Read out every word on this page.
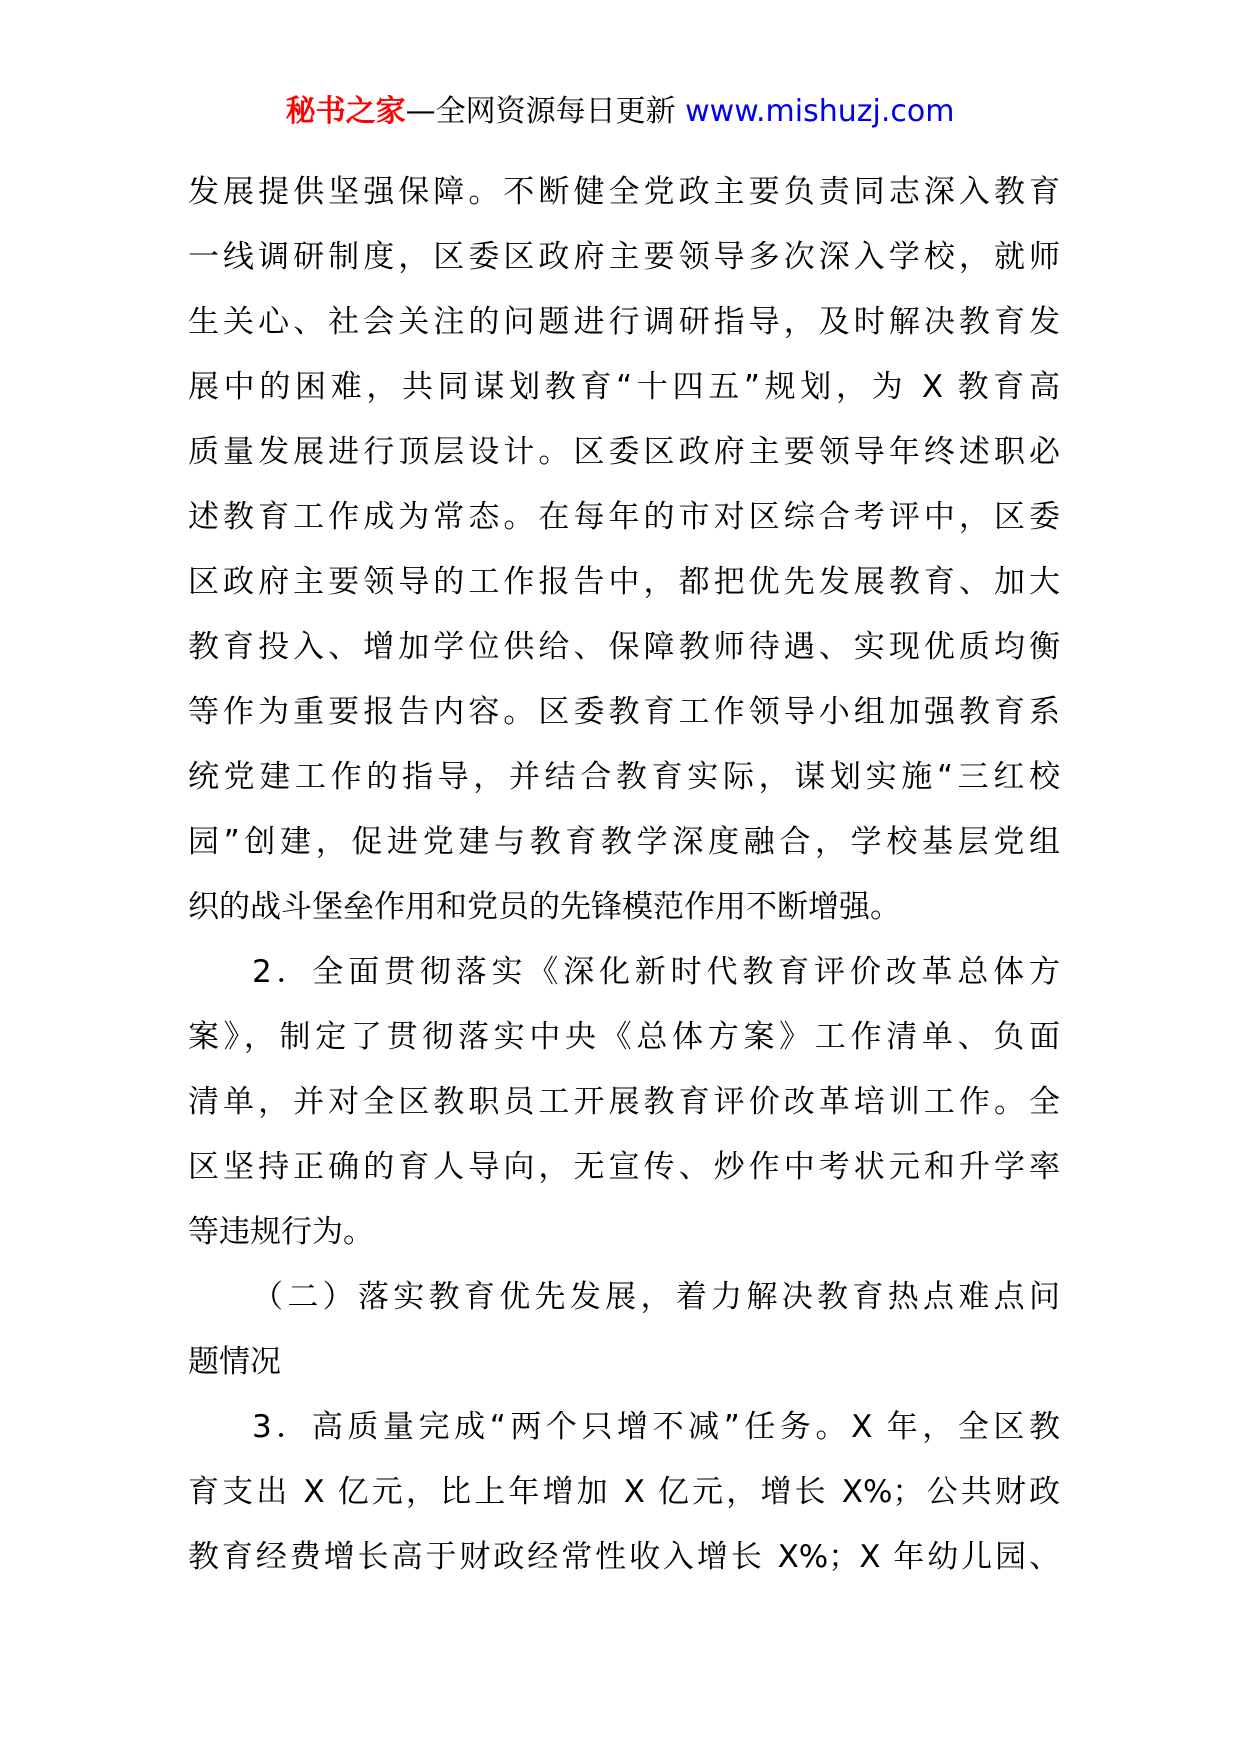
秘书之家—全网资源每日更新 www.mishuzj.com
发展提供坚强保障。不断健全党政主要负责同志深入教育
一线调研制度，区委区政府主要领导多次深入学校，就师
生关心、社会关注的问题进行调研指导，及时解决教育发
展中的困难，共同谋划教育“十四五”规划，为 X 教育高
质量发展进行顶层设计。区委区政府主要领导年终述职必
述教育工作成为常态。在每年的市对区综合考评中，区委
区政府主要领导的工作报告中，都把优先发展教育、加大
教育投入、增加学位供给、保障教师待遇、实现优质均衡
等作为重要报告内容。区委教育工作领导小组加强教育系
统党建工作的指导，并结合教育实际，谋划实施“三红校
园”创建，促进党建与教育教学深度融合，学校基层党组
织的战斗堡垒作用和党员的先锋模范作用不断增强。
2．全面贯彻落实《深化新时代教育评价改革总体方
案》，制定了贯彻落实中央《总体方案》工作清单、负面
清单，并对全区教职员工开展教育评价改革培训工作。全
区坚持正确的育人导向，无宣传、炒作中考状元和升学率
等违规行为。
（二）落实教育优先发展，着力解决教育热点难点问
题情况
3．高质量完成“两个只增不减”任务。X 年，全区教
育支出 X 亿元，比上年增加 X 亿元，增长 X%；公共财政
教育经费增长高于财政经常性收入增长 X%；X 年幼儿园、
